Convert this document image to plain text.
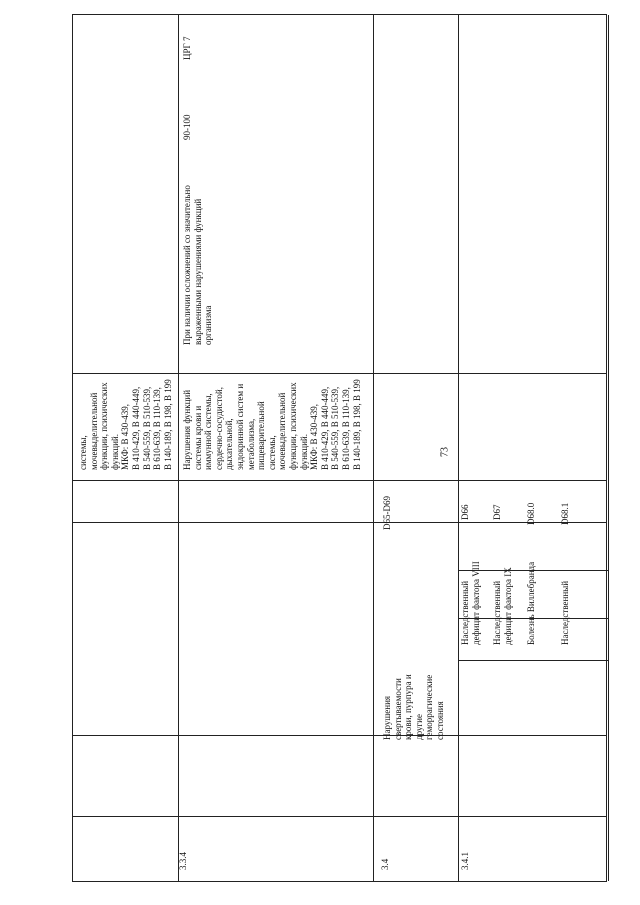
73
системы,
мочевыделительной
функции, психических
функций.
МКФ: В 430-439,
В 410-429, В 440-449,
В 540-559, В 510-539,
В 610-639, В 110-139,
В 140-189, В 198, В 199
3.3.4
Нарушения функций
системы крови и
иммунной системы,
сердечно-сосудистой,
дыхательной,
эндокринной систем и
метаболизма,
пищеварительной
системы,
мочевыделительной
функции, психических
функций.
МКФ: В 430-439,
В 410-429, В 440-449,
В 540-559, В 510-539,
В 610-639, В 110-139,
В 140-189, В 198, В 199
При наличии осложнений со значительно
выраженными нарушениями функций
организма
90-100
ЦРГ 7
3.4
Нарушения
свертываемости
крови, пурпура и
другие
геморрагические
состояния
D65-D69
3.4.1
Наследственный
дефицит фактора VIII
D66
Наследственный
дефицит фактора IX
D67
Болезнь Виллебранда
D68.0
Наследственный
D68.1
